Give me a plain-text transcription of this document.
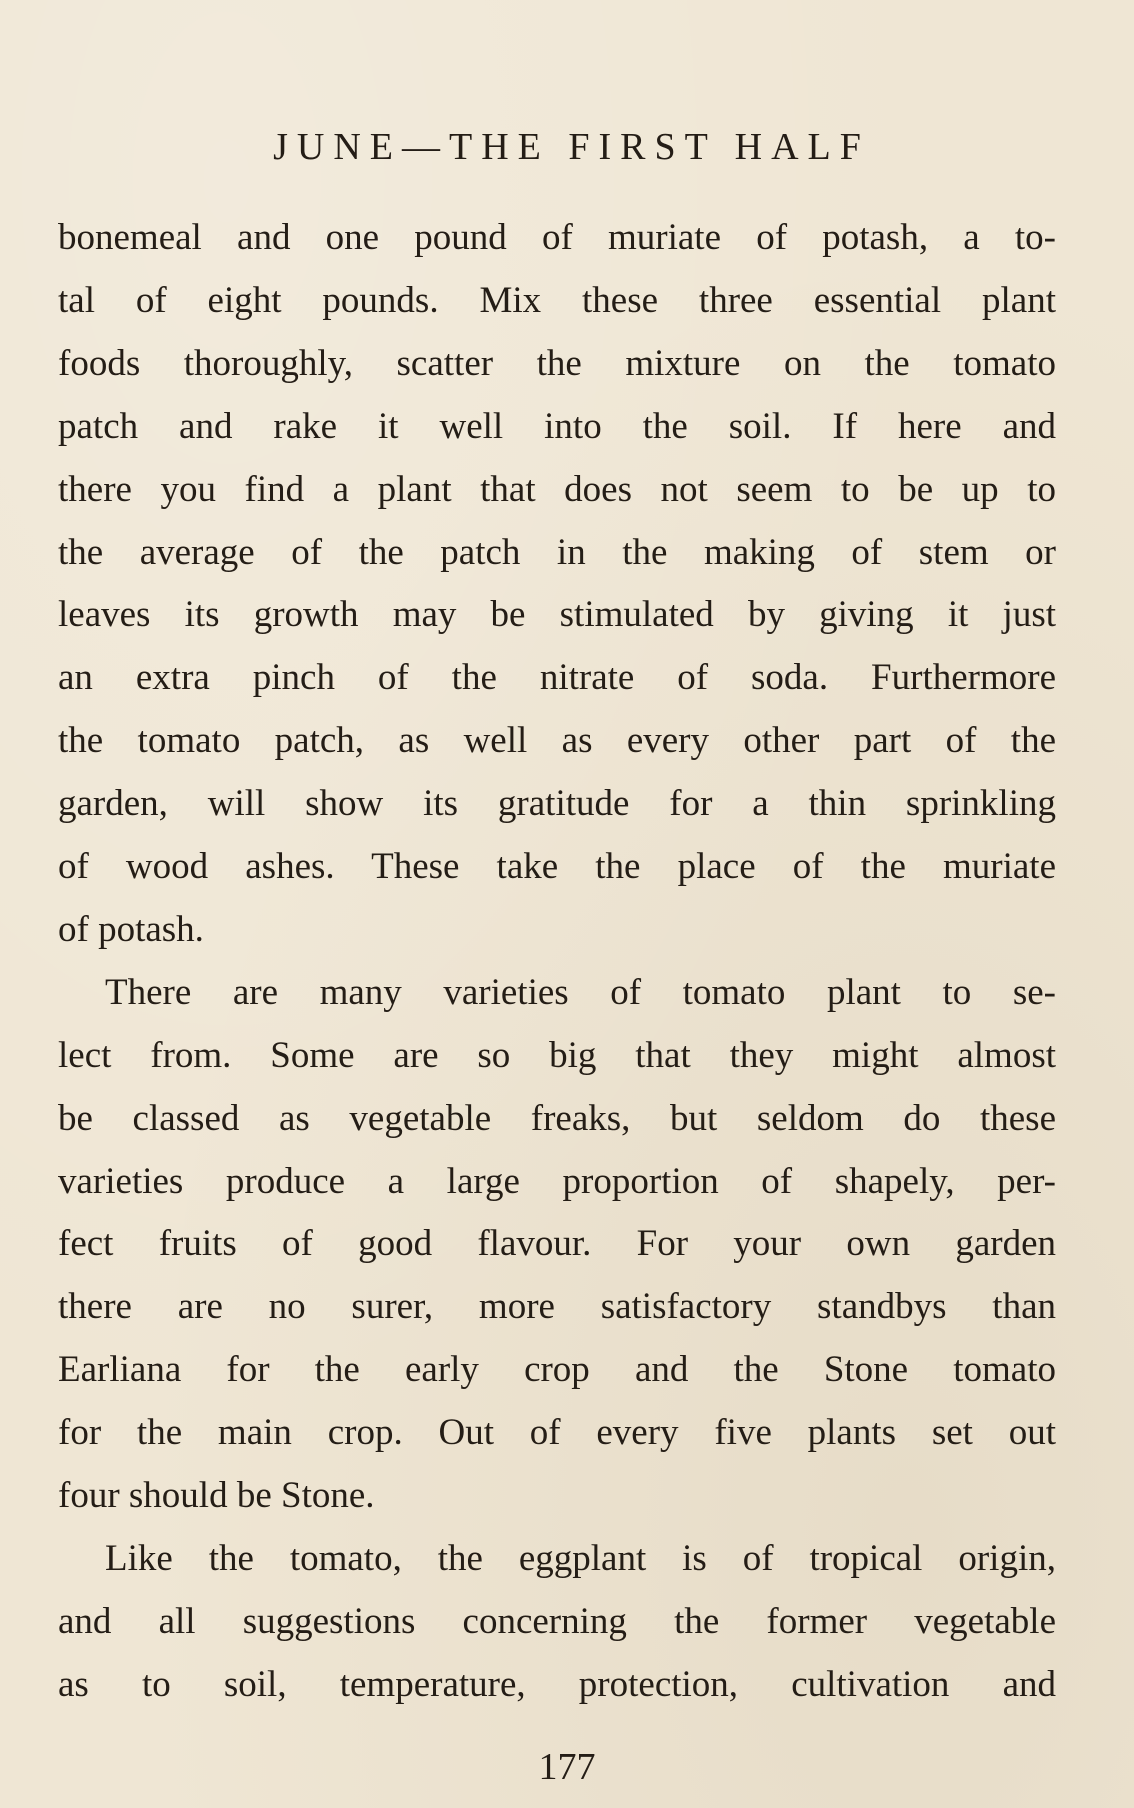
JUNE—THE FIRST HALF
bonemeal and one pound of muriate of potash, a to-
tal of eight pounds. Mix these three essential plant
foods thoroughly, scatter the mixture on the tomato
patch and rake it well into the soil. If here and
there you find a plant that does not seem to be up to
the average of the patch in the making of stem or
leaves its growth may be stimulated by giving it just
an extra pinch of the nitrate of soda. Furthermore
the tomato patch, as well as every other part of the
garden, will show its gratitude for a thin sprinkling
of wood ashes. These take the place of the muriate
of potash.
There are many varieties of tomato plant to se-
lect from. Some are so big that they might almost
be classed as vegetable freaks, but seldom do these
varieties produce a large proportion of shapely, per-
fect fruits of good flavour. For your own garden
there are no surer, more satisfactory standbys than
Earliana for the early crop and the Stone tomato
for the main crop. Out of every five plants set out
four should be Stone.
Like the tomato, the eggplant is of tropical origin,
and all suggestions concerning the former vegetable
as to soil, temperature, protection, cultivation and
177
